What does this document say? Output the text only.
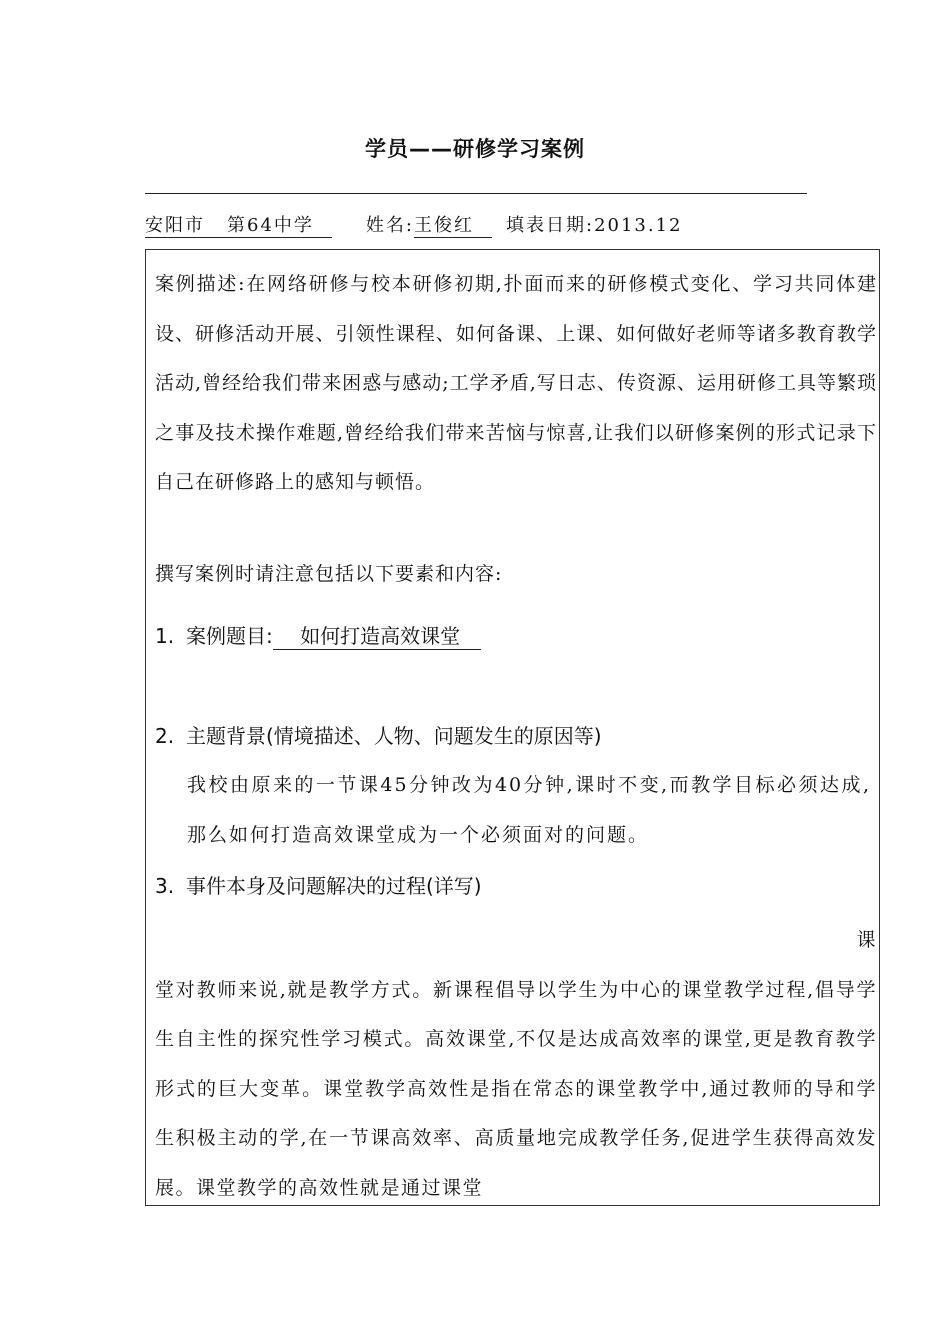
学员——研修学习案例
安阳市 第64中学	姓名:王俊红 填表日期:2013.12

案例描述:在网络研修与校本研修初期,扑面而来的研修模式变化、学习共同体建设、研修活动开展、引领性课程、如何备课、上课、如何做好老师等诸多教育教学活动,曾经给我们带来困惑与感动;工学矛盾,写日志、传资源、运用研修工具等繁琐之事及技术操作难题,曾经给我们带来苦恼与惊喜,让我们以研修案例的形式记录下自己在研修路上的感知与顿悟。

撰写案例时请注意包括以下要素和内容:

1. 案例题目: 如何打造高效课堂
2. 主题背景(情境描述、人物、问题发生的原因等)

我校由原来的一节课45分钟改为40分钟,课时不变,而教学目标必须达成,那么如何打造高效课堂成为一个必须面对的问题。

3. 事件本身及问题解决的过程(详写)
课
堂对教师来说,就是教学方式。新课程倡导以学生为中心的课堂教学过程,倡导学生自主性的探究性学习模式。高效课堂,不仅是达成高效率的课堂,更是教育教学形式的巨大变革。课堂教学高效性是指在常态的课堂教学中,通过教师的导和学生积极主动的学,在一节课高效率、高质量地完成教学任务,促进学生获得高效发展。课堂教学的高效性就是通过课堂
